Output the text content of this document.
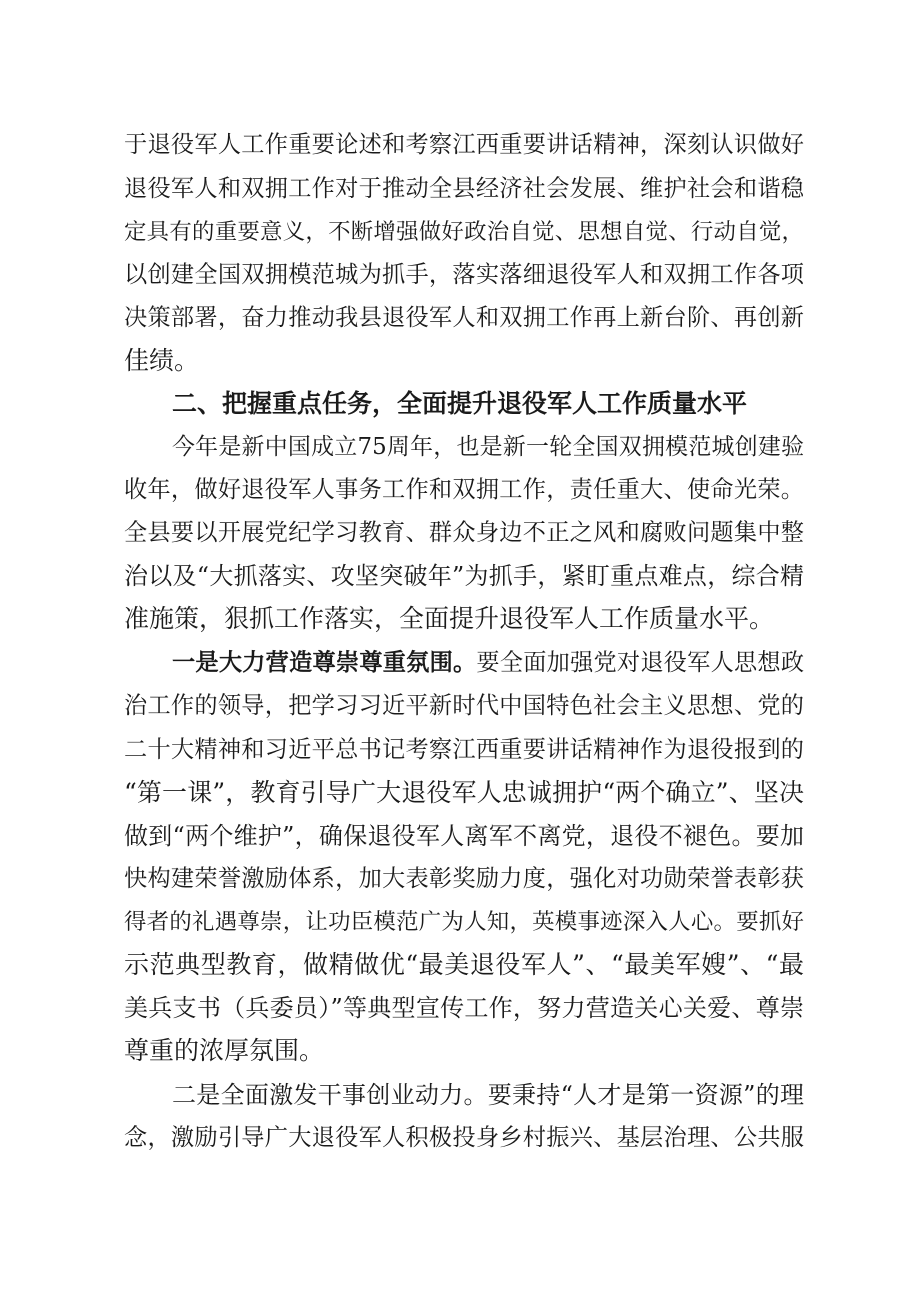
于退役军人工作重要论述和考察江西重要讲话精神，深刻认识做好
退役军人和双拥工作对于推动全县经济社会发展、维护社会和谐稳
定具有的重要意义，不断增强做好政治自觉、思想自觉、行动自觉，
以创建全国双拥模范城为抓手，落实落细退役军人和双拥工作各项
决策部署，奋力推动我县退役军人和双拥工作再上新台阶、再创新
佳绩。
二、把握重点任务，全面提升退役军人工作质量水平
今年是新中国成立75周年，也是新一轮全国双拥模范城创建验
收年，做好退役军人事务工作和双拥工作，责任重大、使命光荣。
全县要以开展党纪学习教育、群众身边不正之风和腐败问题集中整
治以及“大抓落实、攻坚突破年”为抓手，紧盯重点难点，综合精
准施策，狠抓工作落实，全面提升退役军人工作质量水平。
一是大力营造尊崇尊重氛围。要全面加强党对退役军人思想政
治工作的领导，把学习习近平新时代中国特色社会主义思想、党的
二十大精神和习近平总书记考察江西重要讲话精神作为退役报到的
“第一课”，教育引导广大退役军人忠诚拥护“两个确立”、坚决
做到“两个维护”，确保退役军人离军不离党，退役不褪色。要加
快构建荣誉激励体系，加大表彰奖励力度，强化对功勋荣誉表彰获
得者的礼遇尊崇，让功臣模范广为人知，英模事迹深入人心。要抓好
示范典型教育，做精做优“最美退役军人”、“最美军嫂”、“最
美兵支书（兵委员）”等典型宣传工作，努力营造关心关爱、尊崇
尊重的浓厚氛围。
二是全面激发干事创业动力。要秉持“人才是第一资源”的理
念，激励引导广大退役军人积极投身乡村振兴、基层治理、公共服
